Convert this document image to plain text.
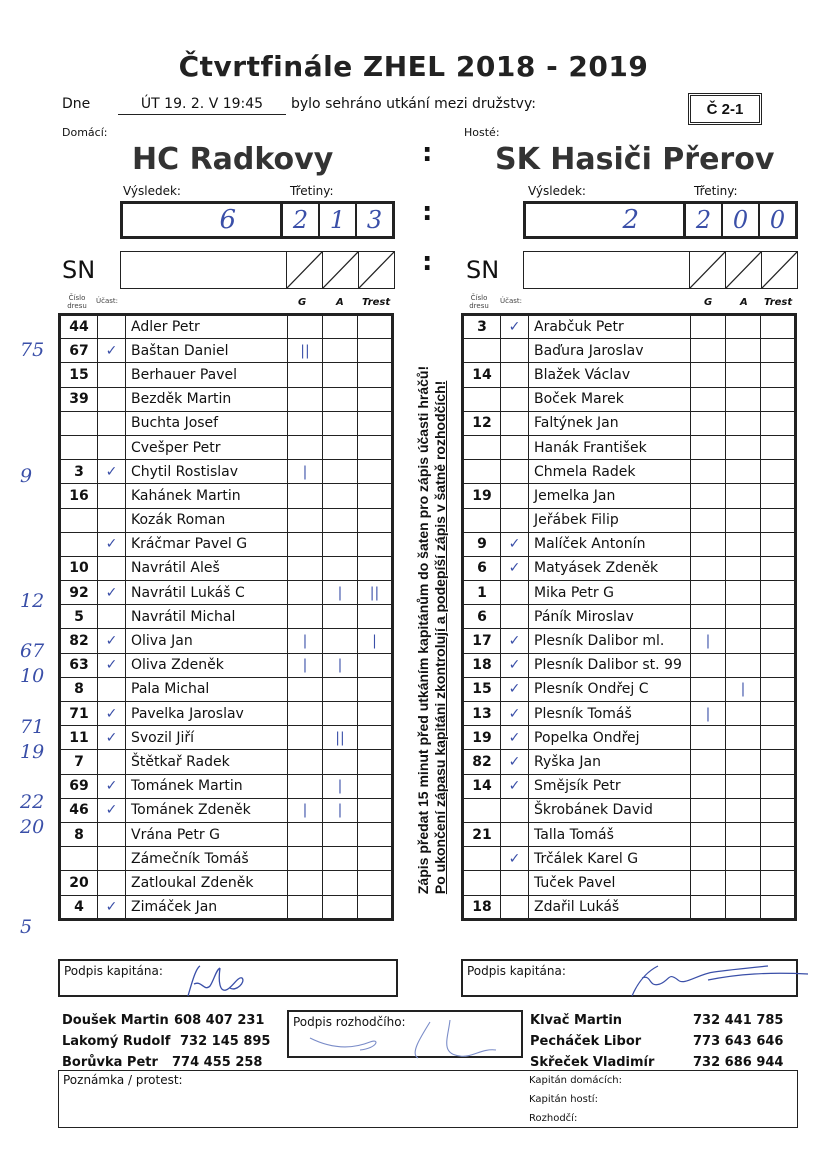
Čtvrtfinále ZHEL 2018 - 2019
Dne	ÚT 19. 2. V 19:45	bylo sehráno utkání mezi družstvy:	Č 2-1
Domácí:
HC Radkovy
Výsledek:	Třetiny:
6	2 1 3
SN
Číslo dresu
Účast:	G	A Trest
75
9
12
67
10
71
19
22
20
5
44		Adler Petr			
67	✓	Baštan Daniel	||		
15		Berhauer Pavel			
39		Bezděk Martin			
		Buchta Josef			
		Cvešper Petr			
3	✓	Chytil Rostislav	|		
16		Kahánek Martin			
		Kozák Roman			
	✓	Kráčmar Pavel G			
10		Navrátil Aleš			
92	✓	Navrátil Lukáš C		|	||
5		Navrátil Michal			
82	✓	Oliva Jan	|		|
63	✓	Oliva Zdeněk	|	|	
8		Pala Michal			
71	✓	Pavelka Jaroslav			
11	✓	Svozil Jiří		||	
7		Štětkař Radek			
69	✓	Tománek Martin		|	
46	✓	Tománek Zdeněk	|	|	
8		Vrána Petr G			
		Zámečník Tomáš			
20		Zatloukal Zdeněk			
4	✓	Zimáček Jan			
:
:
:
Zápis předat 15 minut před utkáním kapitánům do šaten pro zápis účasti hráčů! Po ukončení zápasu kapitáni zkontrolují a podepíší zápis v šatně rozhodčích!
Hosté:
SK Hasiči Přerov
Výsledek:	Třetiny:
2	2 0 0
SN
Číslo dresu
Účast:	G	A Trest
3	✓	Arabčuk Petr			
		Baďura Jaroslav			
14		Blažek Václav			
		Boček Marek			
12		Faltýnek Jan			
		Hanák František			
		Chmela Radek			
19		Jemelka Jan			
		Jeřábek Filip			
9	✓	Malíček Antonín			
6	✓	Matyásek Zdeněk			
1		Mika Petr G			
6		Páník Miroslav			
17	✓	Plesník Dalibor ml.	|		
18	✓	Plesník Dalibor st. 99			
15	✓	Plesník Ondřej C		|	
13	✓	Plesník Tomáš	|		
19	✓	Popelka Ondřej			
82	✓	Ryška Jan			
14	✓	Smějsík Petr			
		Škrobánek David			
21		Talla Tomáš			
	✓	Trčálek Karel G			
		Tuček Pavel			
18		Zdařil Lukáš			
Podpis kapitána:	Podpis kapitána:
Doušek Martin 608 407 231
Lakomý Rudolf 732 145 895
Borůvka Petr	774 455 258
Podpis rozhodčího:	Klvač Martin	732 441 785
Pecháček Libor	773 643 646
Skřeček Vladimír	732 686 944
Poznámka / protest:	Kapitán domácích:
Kapitán hostí:
Rozhodčí:
